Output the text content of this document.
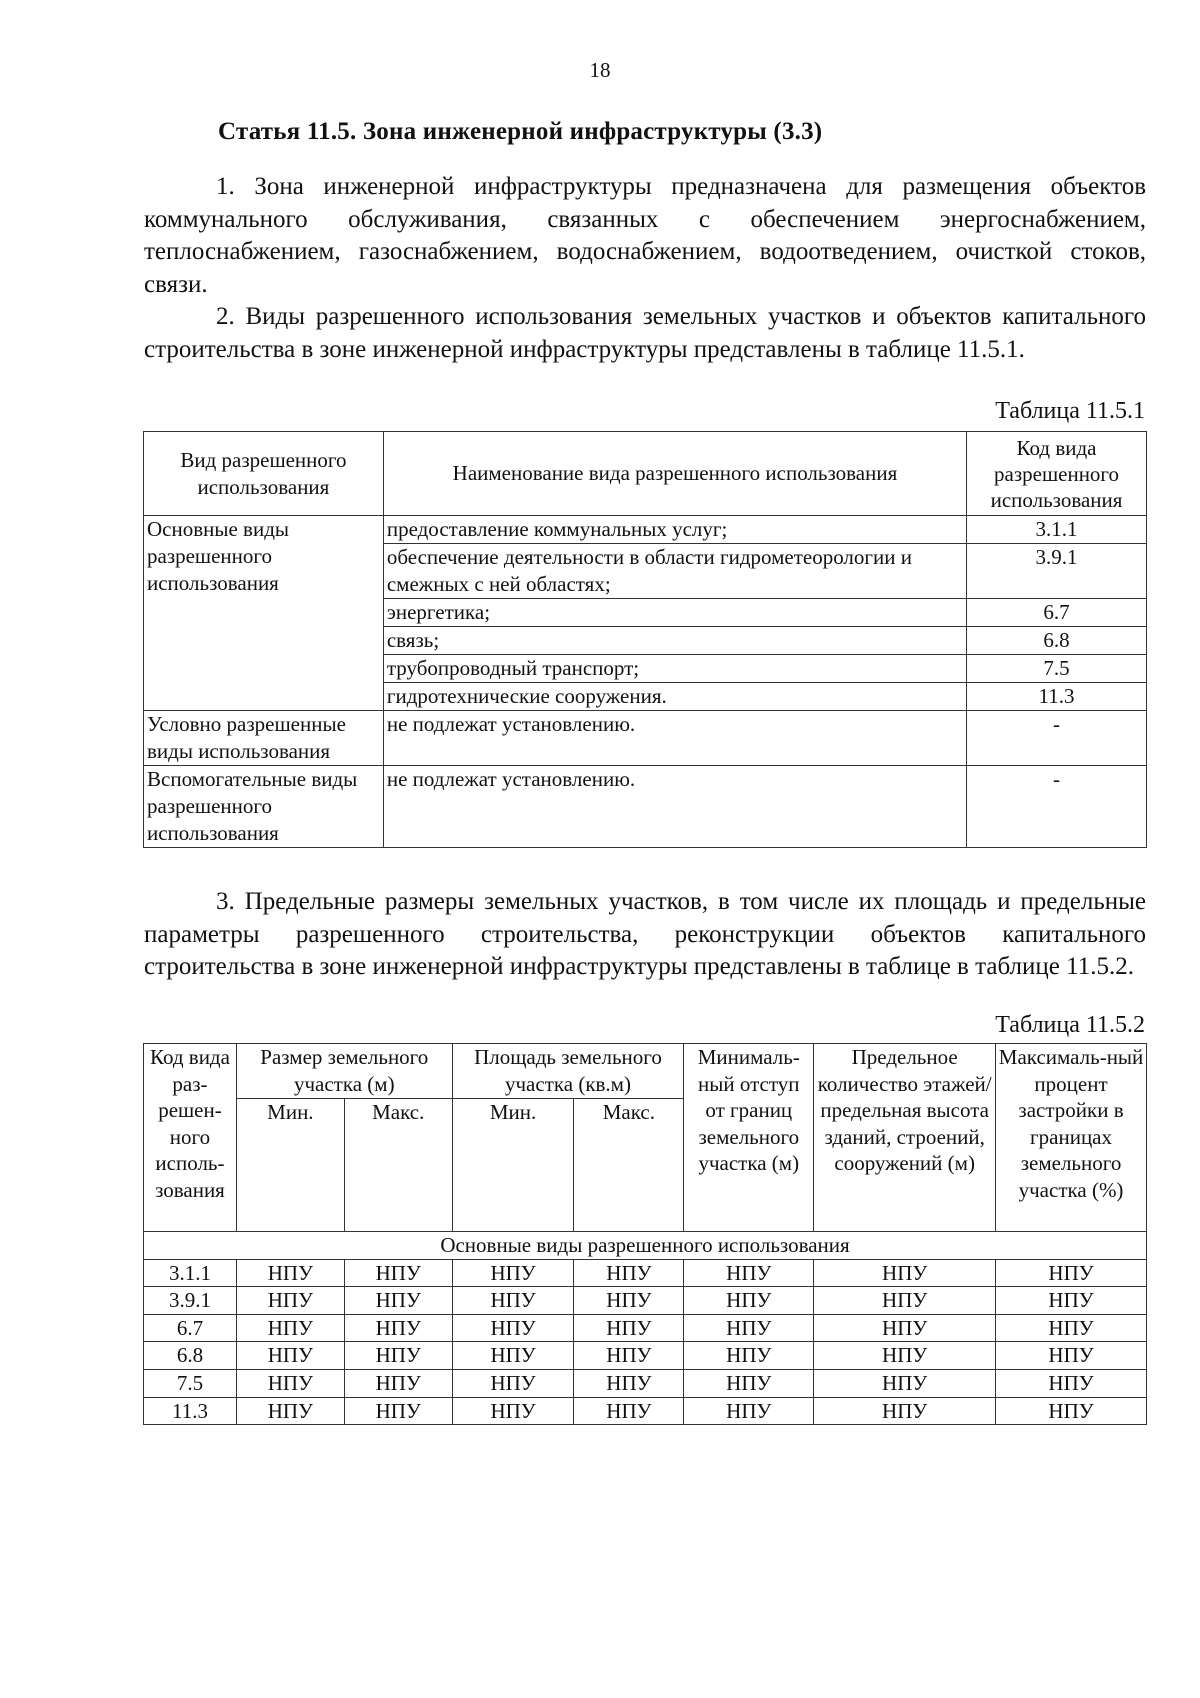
18
Статья 11.5. Зона инженерной инфраструктуры (3.3)

1. Зона инженерной инфраструктуры предназначена для размещения объектов коммунального обслуживания, связанных с обеспечением энергоснабжением, теплоснабжением, газоснабжением, водоснабжением, водоотведением, очисткой стоков, связи.

2. Виды разрешенного использования земельных участков и объектов капитального строительства в зоне инженерной инфраструктуры представлены в таблице 11.5.1.

Таблица 11.5.1
Вид разрешенного использования	Наименование вида разрешенного использования	Код вида разрешенного использования
Основные виды разрешенного использования	предоставление коммунальных услуг;	3.1.1
	обеспечение деятельности в области гидрометеорологии и смежных с ней областях;	3.9.1
	энергетика;	6.7
	связь;	6.8
	трубопроводный транспорт;	7.5
	гидротехнические сооружения.	11.3
Условно разрешенные виды использования	не подлежат установлению.	-
Вспомогательные виды разрешенного использования	не подлежат установлению.	-

3. Предельные размеры земельных участков, в том числе их площадь и предельные параметры разрешенного строительства, реконструкции объектов капитального строительства в зоне инженерной инфраструктуры представлены в таблице в таблице 11.5.2.

Таблица 11.5.2
Код вида раз-решен-ного исполь-зования	Размер земельного участка (м)		Площадь земельного участка (кв.м)		Минималь-ный отступ от границ земельного участка (м)	Предельное количество этажей/ предельная высота зданий, строений, сооружений (м)	Максималь-ный процент застройки в границах земельного участка (%)
	Мин.	Макс.	Мин.	Макс.			
Основные виды разрешенного использования							
3.1.1	НПУ	НПУ	НПУ	НПУ	НПУ	НПУ	НПУ
3.9.1	НПУ	НПУ	НПУ	НПУ	НПУ	НПУ	НПУ
6.7	НПУ	НПУ	НПУ	НПУ	НПУ	НПУ	НПУ
6.8	НПУ	НПУ	НПУ	НПУ	НПУ	НПУ	НПУ
7.5	НПУ	НПУ	НПУ	НПУ	НПУ	НПУ	НПУ
11.3	НПУ	НПУ	НПУ	НПУ	НПУ	НПУ	НПУ
